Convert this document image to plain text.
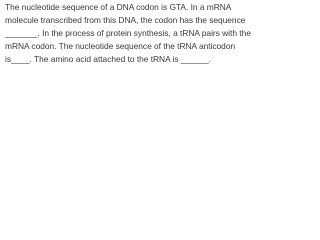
The nucleotide sequence of a DNA codon is GTA. In a mRNA
molecule transcribed from this DNA, the codon has the sequence
_______. In the process of protein synthesis, a tRNA pairs with the
mRNA codon. The nucleotide sequence of the tRNA anticodon
is____. The amino acid attached to the tRNA is ______.
